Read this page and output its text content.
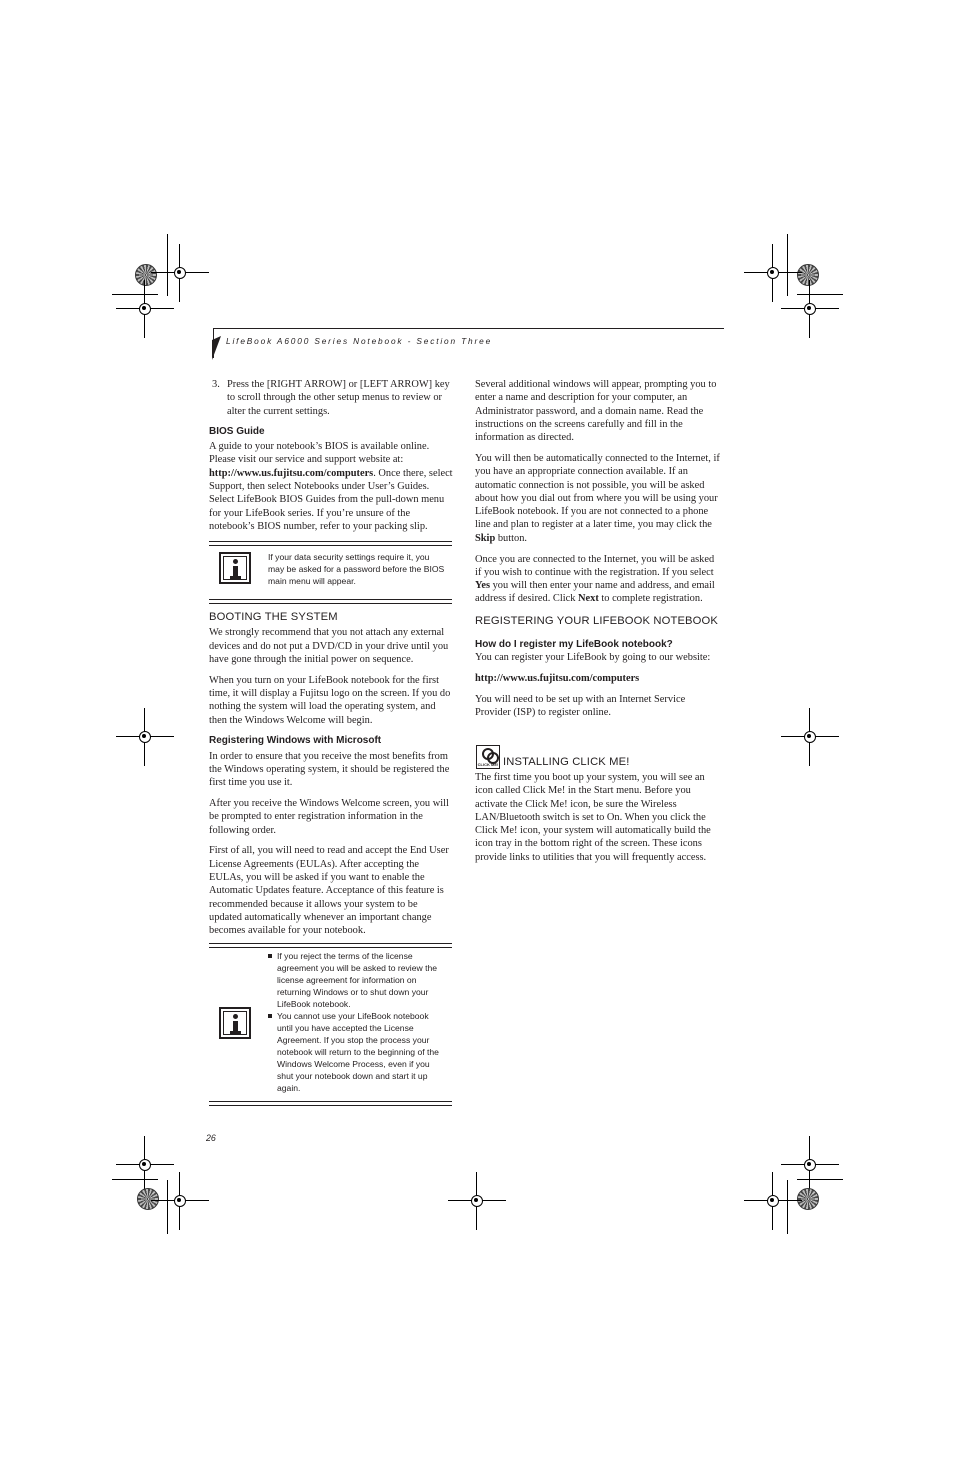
LifeBook A6000 Series Notebook - Section Three
3. Press the [RIGHT ARROW] or [LEFT ARROW] key to scroll through the other setup menus to review or alter the current settings.
BIOS Guide

A guide to your notebook’s BIOS is available online. Please visit our service and support website at: http://www.us.fujitsu.com/computers. Once there, select Support, then select Notebooks under User’s Guides. Select LifeBook BIOS Guides from the pull-down menu for your LifeBook series. If you’re unsure of the notebook’s BIOS number, refer to your packing slip.

If your data security settings require it, you may be asked for a password before the BIOS main menu will appear.
BOOTING THE SYSTEM

We strongly recommend that you not attach any external devices and do not put a DVD/CD in your drive until you have gone through the initial power on sequence.

When you turn on your LifeBook notebook for the first time, it will display a Fujitsu logo on the screen. If you do nothing the system will load the operating system, and then the Windows Welcome will begin.

Registering Windows with Microsoft

In order to ensure that you receive the most benefits from the Windows operating system, it should be registered the first time you use it.

After you receive the Windows Welcome screen, you will be prompted to enter registration information in the following order.

First of all, you will need to read and accept the End User License Agreements (EULAs). After accepting the EULAs, you will be asked if you want to enable the Automatic Updates feature. Acceptance of this feature is recommended because it allows your system to be updated automatically whenever an important change becomes available for your notebook.

If you reject the terms of the license agreement you will be asked to review the license agreement for information on returning Windows or to shut down your LifeBook notebook.
You cannot use your LifeBook notebook until you have accepted the License Agreement. If you stop the process your notebook will return to the beginning of the Windows Welcome Process, even if you shut your notebook down and start it up again.
26

Several additional windows will appear, prompting you to enter a name and description for your computer, an Administrator password, and a domain name. Read the instructions on the screens carefully and fill in the information as directed.

You will then be automatically connected to the Internet, if you have an appropriate connection available. If an automatic connection is not possible, you will be asked about how you dial out from where you will be using your LifeBook notebook. If you are not connected to a phone line and plan to register at a later time, you may click the Skip button.

Once you are connected to the Internet, you will be asked if you wish to continue with the registration. If you select Yes you will then enter your name and address, and email address if desired. Click Next to complete registration.

REGISTERING YOUR LIFEBOOK NOTEBOOK
How do I register my LifeBook notebook?

You can register your LifeBook by going to our website:

http://www.us.fujitsu.com/computers

You will need to be set up with an Internet Service Provider (ISP) to register online.

CLICK ME! INSTALLING CLICK ME!
The first time you boot up your system, you will see an icon called Click Me! in the Start menu. Before you activate the Click Me! icon, be sure the Wireless LAN/Bluetooth switch is set to On. When you click the Click Me! icon, your system will automatically build the icon tray in the bottom right of the screen. These icons provide links to utilities that you will frequently access.
